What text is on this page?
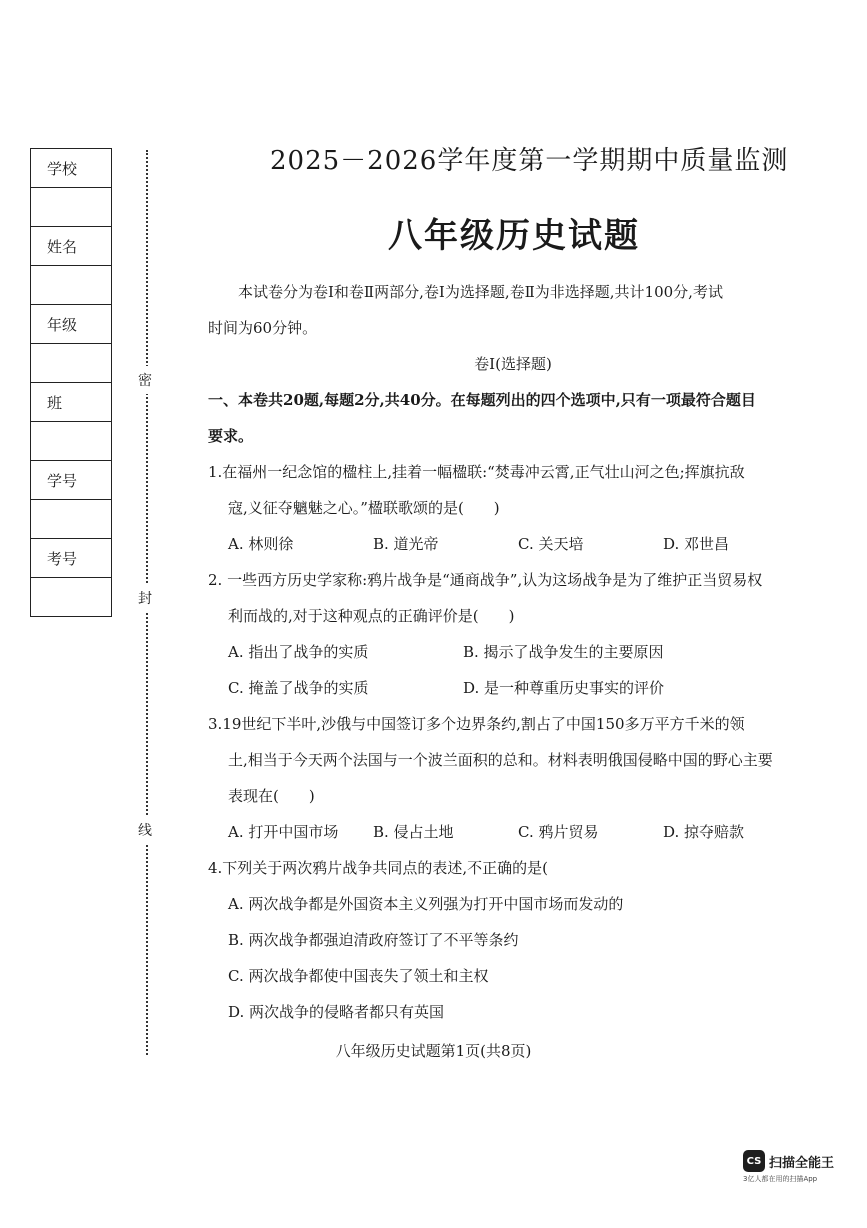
学校

姓名

年级

班

学号

考号

密
封
线
2025－2026学年度第一学期期中质量监测
八年级历史试题

本试卷分为卷Ⅰ和卷Ⅱ两部分,卷Ⅰ为选择题,卷Ⅱ为非选择题,共计100分,考试

时间为60分钟。

卷Ⅰ(选择题)

一、本卷共20题,每题2分,共40分。在每题列出的四个选项中,只有一项最符合题目

要求。

1.在福州一纪念馆的楹柱上,挂着一幅楹联:“焚毒冲云霄,正气壮山河之色;挥旗抗敌

寇,义征夺魑魅之心。”楹联歌颂的是(　　)

A. 林则徐	B. 道光帝	C. 关天培	D. 邓世昌

2. 一些西方历史学家称:鸦片战争是“通商战争”,认为这场战争是为了维护正当贸易权

利而战的,对于这种观点的正确评价是(　　)

A. 指出了战争的实质	B. 揭示了战争发生的主要原因
C. 掩盖了战争的实质	D. 是一种尊重历史事实的评价

3.19世纪下半叶,沙俄与中国签订多个边界条约,割占了中国150多万平方千米的领

土,相当于今天两个法国与一个波兰面积的总和。材料表明俄国侵略中国的野心主要

表现在(　　)

A. 打开中国市场	B. 侵占土地	C. 鸦片贸易	D. 掠夺赔款

4.下列关于两次鸦片战争共同点的表述,不正确的是(

A. 两次战争都是外国资本主义列强为打开中国市场而发动的

B. 两次战争都强迫清政府签订了不平等条约

C. 两次战争都使中国丧失了领土和主权

D. 两次战争的侵略者都只有英国

八年级历史试题第1页(共8页)
CS 扫描全能王
3亿人都在用的扫描App
